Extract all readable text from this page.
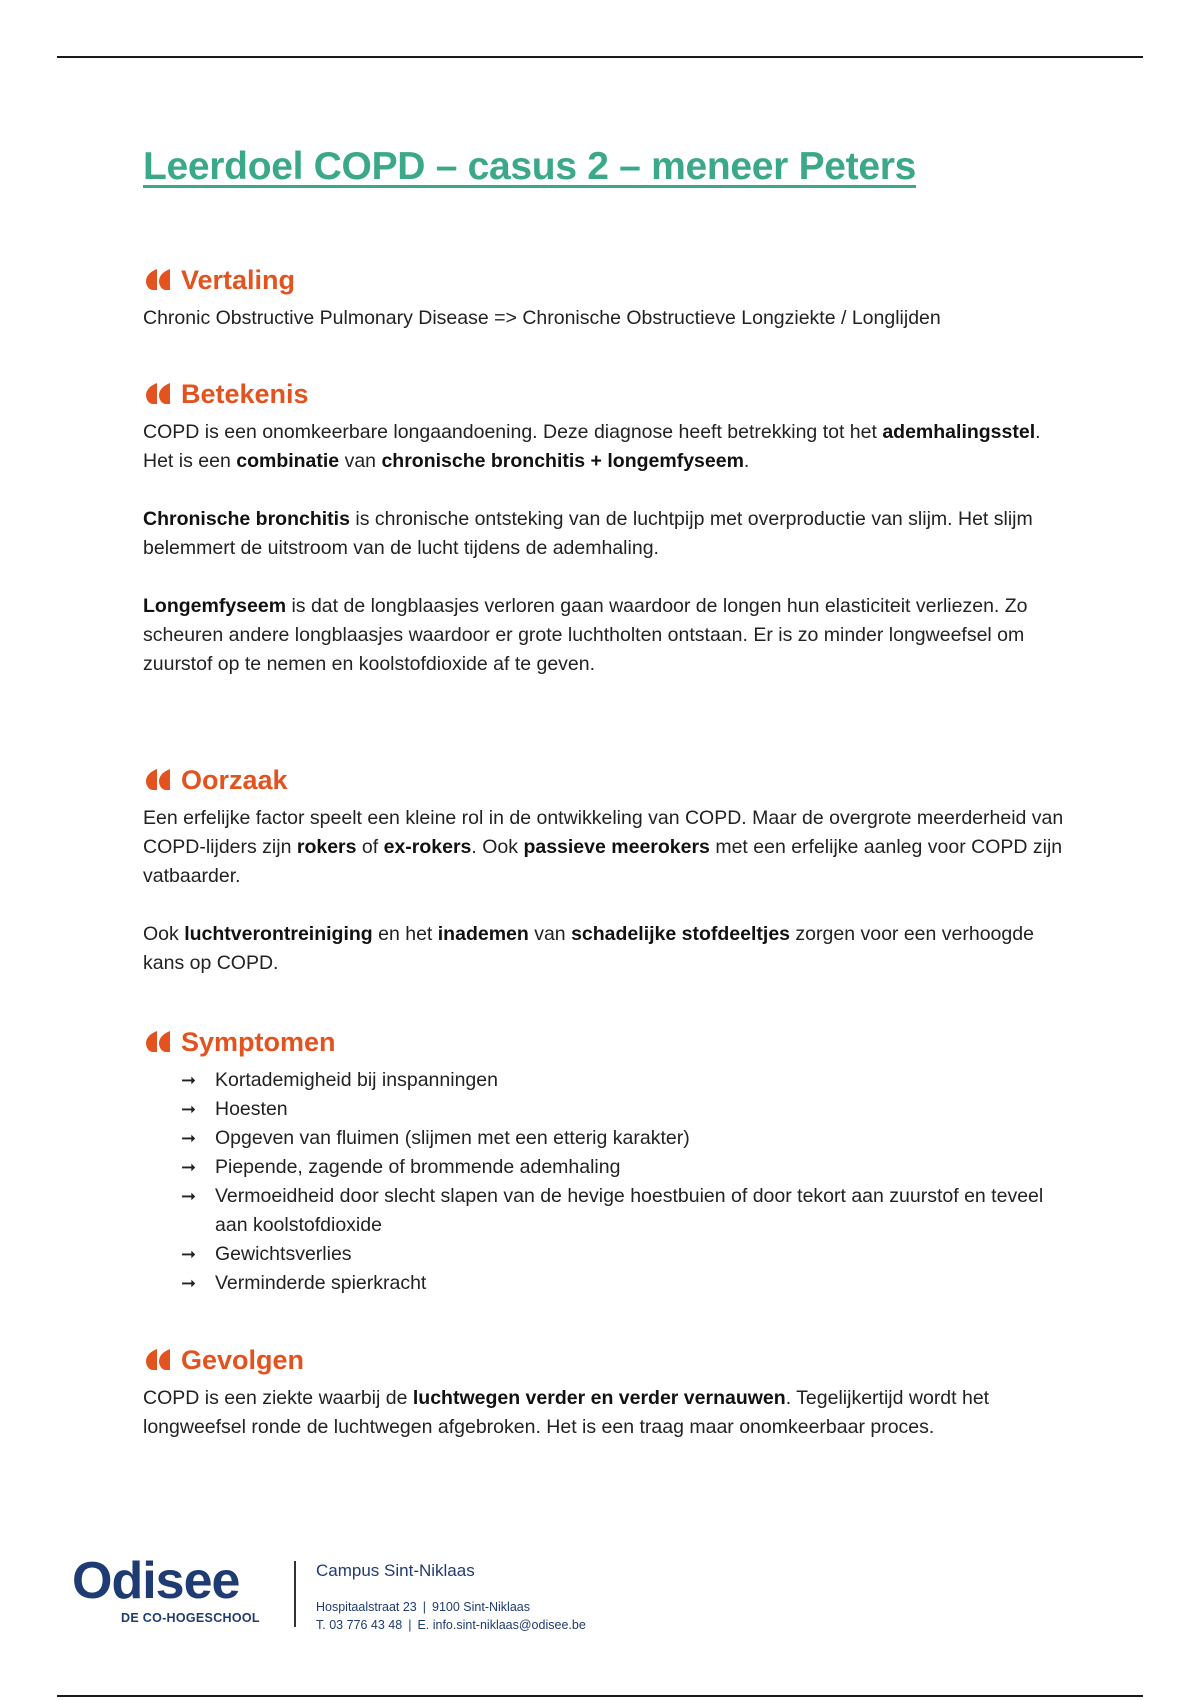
Leerdoel COPD – casus 2 – meneer Peters
Vertaling

Chronic Obstructive Pulmonary Disease => Chronische Obstructieve Longziekte / Longlijden

Betekenis

COPD is een onomkeerbare longaandoening. Deze diagnose heeft betrekking tot het ademhalingsstel.
Het is een combinatie van chronische bronchitis + longemfyseem.

Chronische bronchitis is chronische ontsteking van de luchtpijp met overproductie van slijm. Het slijm belemmert de uitstroom van de lucht tijdens de ademhaling.

Longemfyseem is dat de longblaasjes verloren gaan waardoor de longen hun elasticiteit verliezen. Zo scheuren andere longblaasjes waardoor er grote luchtholten ontstaan. Er is zo minder longweefsel om zuurstof op te nemen en koolstofdioxide af te geven.

Oorzaak

Een erfelijke factor speelt een kleine rol in de ontwikkeling van COPD. Maar de overgrote meerderheid van COPD-lijders zijn rokers of ex-rokers. Ook passieve meerokers met een erfelijke aanleg voor COPD zijn vatbaarder.

Ook luchtverontreiniging en het inademen van schadelijke stofdeeltjes zorgen voor een verhoogde kans op COPD.

Symptomen
➞ Kortademigheid bij inspanningen
➞ Hoesten
➞ Opgeven van fluimen (slijmen met een etterig karakter)
➞ Piepende, zagende of brommende ademhaling
➞ Vermoeidheid door slecht slapen van de hevige hoestbuien of door tekort aan zuurstof en teveel aan koolstofdioxide
➞ Gewichtsverlies
➞ Verminderde spierkracht
Gevolgen

COPD is een ziekte waarbij de luchtwegen verder en verder vernauwen. Tegelijkertijd wordt het longweefsel ronde de luchtwegen afgebroken. Het is een traag maar onomkeerbaar proces.

Odisee
DE CO-HOGESCHOOL
Campus Sint-Niklaas
Hospitaalstraat 23 | 9100 Sint-Niklaas
T. 03 776 43 48 | E. info.sint-niklaas@odisee.be
